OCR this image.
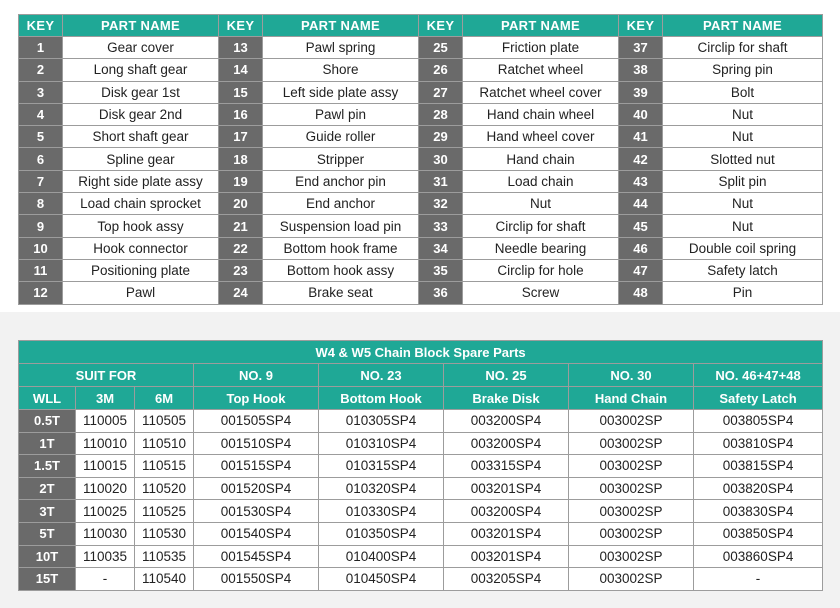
KEY	PART NAME	KEY	PART NAME	KEY	PART NAME	KEY	PART NAME
1	Gear cover	13	Pawl spring	25	Friction plate	37	Circlip for shaft
2	Long shaft gear	14	Shore	26	Ratchet wheel	38	Spring pin
3	Disk gear 1st	15	Left side plate assy	27	Ratchet wheel cover	39	Bolt
4	Disk gear 2nd	16	Pawl pin	28	Hand chain wheel	40	Nut
5	Short shaft gear	17	Guide roller	29	Hand wheel cover	41	Nut
6	Spline gear	18	Stripper	30	Hand chain	42	Slotted nut
7	Right side plate assy	19	End anchor pin	31	Load chain	43	Split pin
8	Load chain sprocket	20	End anchor	32	Nut	44	Nut
9	Top hook assy	21	Suspension load pin	33	Circlip for shaft	45	Nut
10	Hook connector	22	Bottom hook frame	34	Needle bearing	46	Double coil spring
11	Positioning plate	23	Bottom hook assy	35	Circlip for hole	47	Safety latch
12	Pawl	24	Brake seat	36	Screw	48	Pin
W4 & W5 Chain Block Spare Parts							
SUIT FOR			NO. 9	NO. 23	NO. 25	NO. 30	NO. 46+47+48
WLL	3M	6M	Top Hook	Bottom Hook	Brake Disk	Hand Chain	Safety Latch
0.5T	110005	110505	001505SP4	010305SP4	003200SP4	003002SP	003805SP4
1T	110010	110510	001510SP4	010310SP4	003200SP4	003002SP	003810SP4
1.5T	110015	110515	001515SP4	010315SP4	003315SP4	003002SP	003815SP4
2T	110020	110520	001520SP4	010320SP4	003201SP4	003002SP	003820SP4
3T	110025	110525	001530SP4	010330SP4	003200SP4	003002SP	003830SP4
5T	110030	110530	001540SP4	010350SP4	003201SP4	003002SP	003850SP4
10T	110035	110535	001545SP4	010400SP4	003201SP4	003002SP	003860SP4
15T	-	110540	001550SP4	010450SP4	003205SP4	003002SP	-
